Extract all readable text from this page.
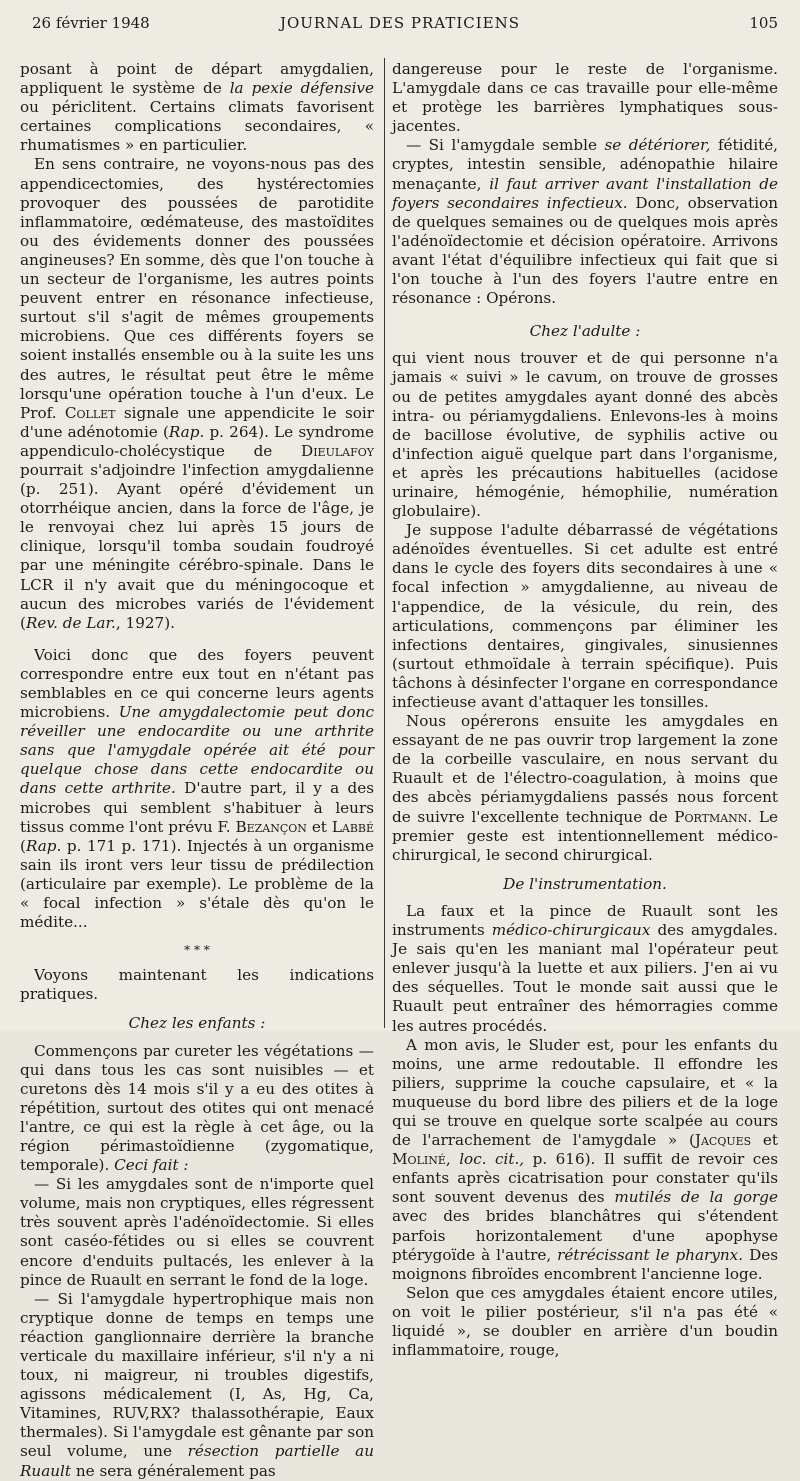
26 février 1948	JOURNAL DES PRATICIENS	105

posant à point de départ amygdalien, appliquent le système de la pexie défensive ou périclitent. Certains climats favorisent certaines complications secondaires, « rhumatismes » en particulier.

En sens contraire, ne voyons-nous pas des appendicectomies, des hystérectomies provoquer des poussées de parotidite inflammatoire, œdémateuse, des mastoïdites ou des évidements donner des poussées angineuses? En somme, dès que l'on touche à un secteur de l'organisme, les autres points peuvent entrer en résonance infectieuse, surtout s'il s'agit de mêmes groupements microbiens. Que ces différents foyers se soient installés ensemble ou à la suite les uns des autres, le résultat peut être le même lorsqu'une opération touche à l'un d'eux. Le Prof. Collet signale une appendicite le soir d'une adénotomie (Rap. p. 264). Le syndrome appendiculo-cholécystique de Dieulafoy pourrait s'adjoindre l'infection amygdalienne (p. 251). Ayant opéré d'évidement un otorrhéique ancien, dans la force de l'âge, je le renvoyai chez lui après 15 jours de clinique, lorsqu'il tomba soudain foudroyé par une méningite cérébro-spinale. Dans le LCR il n'y avait que du méningocoque et aucun des microbes variés de l'évidement (Rev. de Lar., 1927).

Voici donc que des foyers peuvent correspondre entre eux tout en n'étant pas semblables en ce qui concerne leurs agents microbiens. Une amygdalectomie peut donc réveiller une endocardite ou une arthrite sans que l'amygdale opérée ait été pour quelque chose dans cette endocardite ou dans cette arthrite. D'autre part, il y a des microbes qui semblent s'habituer à leurs tissus comme l'ont prévu F. Bezançon et Labbé (Rap. p. 171 p. 171). Injectés à un organisme sain ils iront vers leur tissu de prédilection (articulaire par exemple). Le problème de la « focal infection » s'étale dès qu'on le médite...

* * *

Voyons maintenant les indications pratiques.

Chez les enfants :

Commençons par cureter les végétations — qui dans tous les cas sont nuisibles — et curetons dès 14 mois s'il y a eu des otites à répétition, surtout des otites qui ont menacé l'antre, ce qui est la règle à cet âge, ou la région périmastoïdienne (zygomatique, temporale). Ceci fait :

— Si les amygdales sont de n'importe quel volume, mais non cryptiques, elles régressent très souvent après l'adénoïdectomie. Si elles sont caséo-fétides ou si elles se couvrent encore d'enduits pultacés, les enlever à la pince de Ruault en serrant le fond de la loge.

— Si l'amygdale hypertrophique mais non cryptique donne de temps en temps une réaction ganglionnaire derrière la branche verticale du maxillaire inférieur, s'il n'y a ni toux, ni maigreur, ni troubles digestifs, agissons médicalement (I, As, Hg, Ca, Vitamines, RUV,RX? thalassothérapie, Eaux thermales). Si l'amygdale est gênante par son seul volume, une résection partielle au Ruault ne sera généralement pas

dangereuse pour le reste de l'organisme. L'amygdale dans ce cas travaille pour elle-même et protège les barrières lymphatiques sous-jacentes.

— Si l'amygdale semble se détériorer, fétidité, cryptes, intestin sensible, adénopathie hilaire menaçante, il faut arriver avant l'installation de foyers secondaires infectieux. Donc, observation de quelques semaines ou de quelques mois après l'adénoïdectomie et décision opératoire. Arrivons avant l'état d'équilibre infectieux qui fait que si l'on touche à l'un des foyers l'autre entre en résonance : Opérons.

Chez l'adulte :

qui vient nous trouver et de qui personne n'a jamais « suivi » le cavum, on trouve de grosses ou de petites amygdales ayant donné des abcès intra- ou périamygdaliens. Enlevons-les à moins de bacillose évolutive, de syphilis active ou d'infection aiguë quelque part dans l'organisme, et après les précautions habituelles (acidose urinaire, hémogénie, hémophilie, numération globulaire).

Je suppose l'adulte débarrassé de végétations adénoïdes éventuelles. Si cet adulte est entré dans le cycle des foyers dits secondaires à une « focal infection » amygdalienne, au niveau de l'appendice, de la vésicule, du rein, des articulations, commençons par éliminer les infections dentaires, gingivales, sinusiennes (surtout ethmoïdale à terrain spécifique). Puis tâchons à désinfecter l'organe en correspondance infectieuse avant d'attaquer les tonsilles.

Nous opérerons ensuite les amygdales en essayant de ne pas ouvrir trop largement la zone de la corbeille vasculaire, en nous servant du Ruault et de l'électro-coagulation, à moins que des abcès périamygdaliens passés nous forcent de suivre l'excellente technique de Portmann. Le premier geste est intentionnellement médico-chirurgical, le second chirurgical.

De l'instrumentation.

La faux et la pince de Ruault sont les instruments médico-chirurgicaux des amygdales. Je sais qu'en les maniant mal l'opérateur peut enlever jusqu'à la luette et aux piliers. J'en ai vu des séquelles. Tout le monde sait aussi que le Ruault peut entraîner des hémorragies comme les autres procédés.

A mon avis, le Sluder est, pour les enfants du moins, une arme redoutable. Il effondre les piliers, supprime la couche capsulaire, et « la muqueuse du bord libre des piliers et de la loge qui se trouve en quelque sorte scalpée au cours de l'arrachement de l'amygdale » (Jacques et Moliné, loc. cit., p. 616). Il suffit de revoir ces enfants après cicatrisation pour constater qu'ils sont souvent devenus des mutilés de la gorge avec des brides blanchâtres qui s'étendent parfois horizontalement d'une apophyse ptérygoïde à l'autre, rétrécissant le pharynx. Des moignons fibroïdes encombrent l'ancienne loge.

Selon que ces amygdales étaient encore utiles, on voit le pilier postérieur, s'il n'a pas été « liquidé », se doubler en arrière d'un boudin inflammatoire, rouge,
